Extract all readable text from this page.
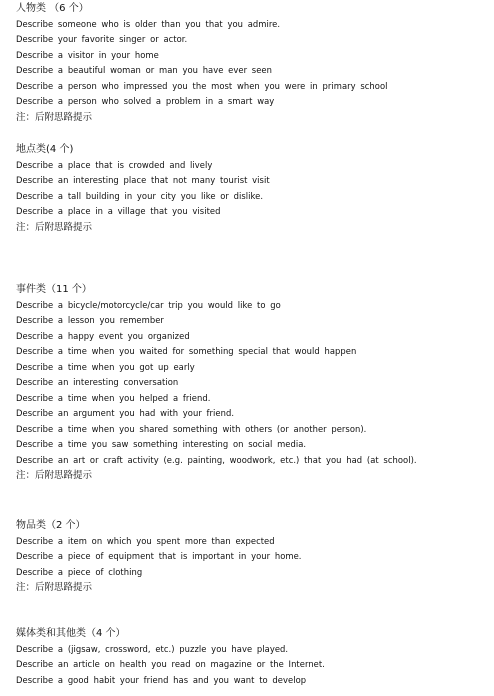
人物类 （6 个）
Describe someone who is older than you that you admire.
Describe your favorite singer or actor.
Describe a visitor in your home
Describe a beautiful woman or man you have ever seen
Describe a person who impressed you the most when you were in primary school
Describe a person who solved a problem in a smart way
注：后附思路提示
地点类(4 个)
Describe a place that is crowded and lively
Describe an interesting place that not many tourist visit
Describe a tall building in your city you like or dislike.
Describe a place in a village that you visited
注：后附思路提示
事件类（11 个）
Describe a bicycle/motorcycle/car trip you would like to go
Describe a lesson you remember
Describe a happy event you organized
Describe a time when you waited for something special that would happen
Describe a time when you got up early
Describe an interesting conversation
Describe a time when you helped a friend.
Describe an argument you had with your friend.
Describe a time when you shared something with others (or another person).
Describe a time you saw something interesting on social media.
Describe an art or craft activity (e.g. painting, woodwork, etc.) that you had (at school).
注：后附思路提示
物品类（2 个）
Describe a item on which you spent more than expected
Describe a piece of equipment that is important in your home.
Describe a piece of clothing
注：后附思路提示
媒体类和其他类（4 个）
Describe a (jigsaw, crossword, etc.) puzzle you have played.
Describe an article on health you read on magazine or the Internet.
Describe a good habit your friend has and you want to develop
